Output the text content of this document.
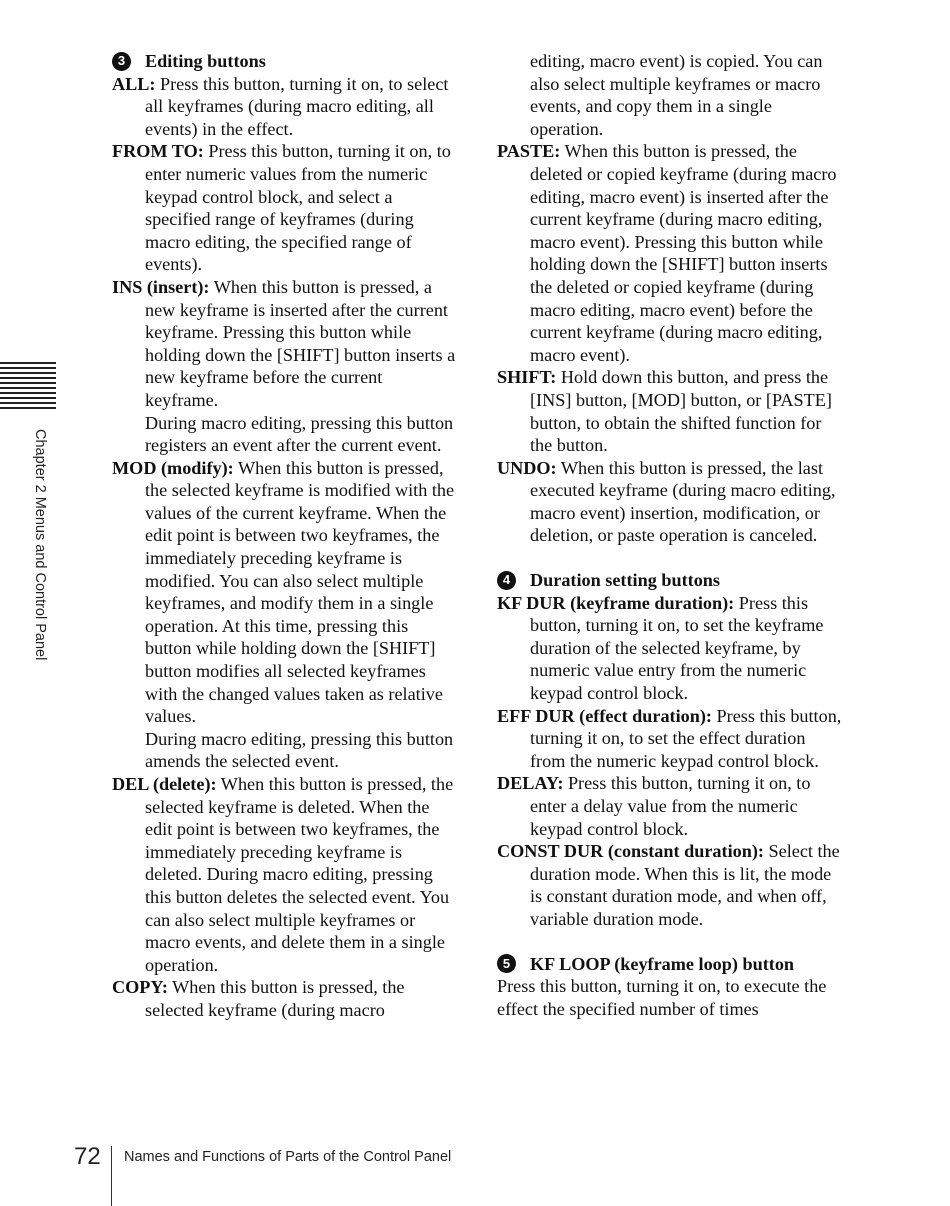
Chapter 2 Menus and Control Panel

3	Editing buttons

ALL: Press this button, turning it on, to select all keyframes (during macro editing, all events) in the effect.

FROM TO: Press this button, turning it on, to enter numeric values from the numeric keypad control block, and select a specified range of keyframes (during macro editing, the specified range of events).

INS (insert): When this button is pressed, a new keyframe is inserted after the current keyframe. Pressing this button while holding down the [SHIFT] button inserts a new keyframe before the current keyframe.
During macro editing, pressing this button registers an event after the current event.

MOD (modify): When this button is pressed, the selected keyframe is modified with the values of the current keyframe. When the edit point is between two keyframes, the immediately preceding keyframe is modified. You can also select multiple keyframes, and modify them in a single operation. At this time, pressing this button while holding down the [SHIFT] button modifies all selected keyframes with the changed values taken as relative values.
During macro editing, pressing this button amends the selected event.

DEL (delete): When this button is pressed, the selected keyframe is deleted. When the edit point is between two keyframes, the immediately preceding keyframe is deleted. During macro editing, pressing this button deletes the selected event. You can also select multiple keyframes or macro events, and delete them in a single operation.

COPY: When this button is pressed, the selected keyframe (during macro

editing, macro event) is copied. You can also select multiple keyframes or macro events, and copy them in a single operation.

PASTE: When this button is pressed, the deleted or copied keyframe (during macro editing, macro event) is inserted after the current keyframe (during macro editing, macro event). Pressing this button while holding down the [SHIFT] button inserts the deleted or copied keyframe (during macro editing, macro event) before the current keyframe (during macro editing, macro event).

SHIFT: Hold down this button, and press the [INS] button, [MOD] button, or [PASTE] button, to obtain the shifted function for the button.

UNDO: When this button is pressed, the last executed keyframe (during macro editing, macro event) insertion, modification, or deletion, or paste operation is canceled.

4	Duration setting buttons

KF DUR (keyframe duration): Press this button, turning it on, to set the keyframe duration of the selected keyframe, by numeric value entry from the numeric keypad control block.

EFF DUR (effect duration): Press this button, turning it on, to set the effect duration from the numeric keypad control block.

DELAY: Press this button, turning it on, to enter a delay value from the numeric keypad control block.

CONST DUR (constant duration): Select the duration mode. When this is lit, the mode is constant duration mode, and when off, variable duration mode.

5	KF LOOP (keyframe loop) button

Press this button, turning it on, to execute the effect the specified number of times

72 Names and Functions of Parts of the Control Panel
